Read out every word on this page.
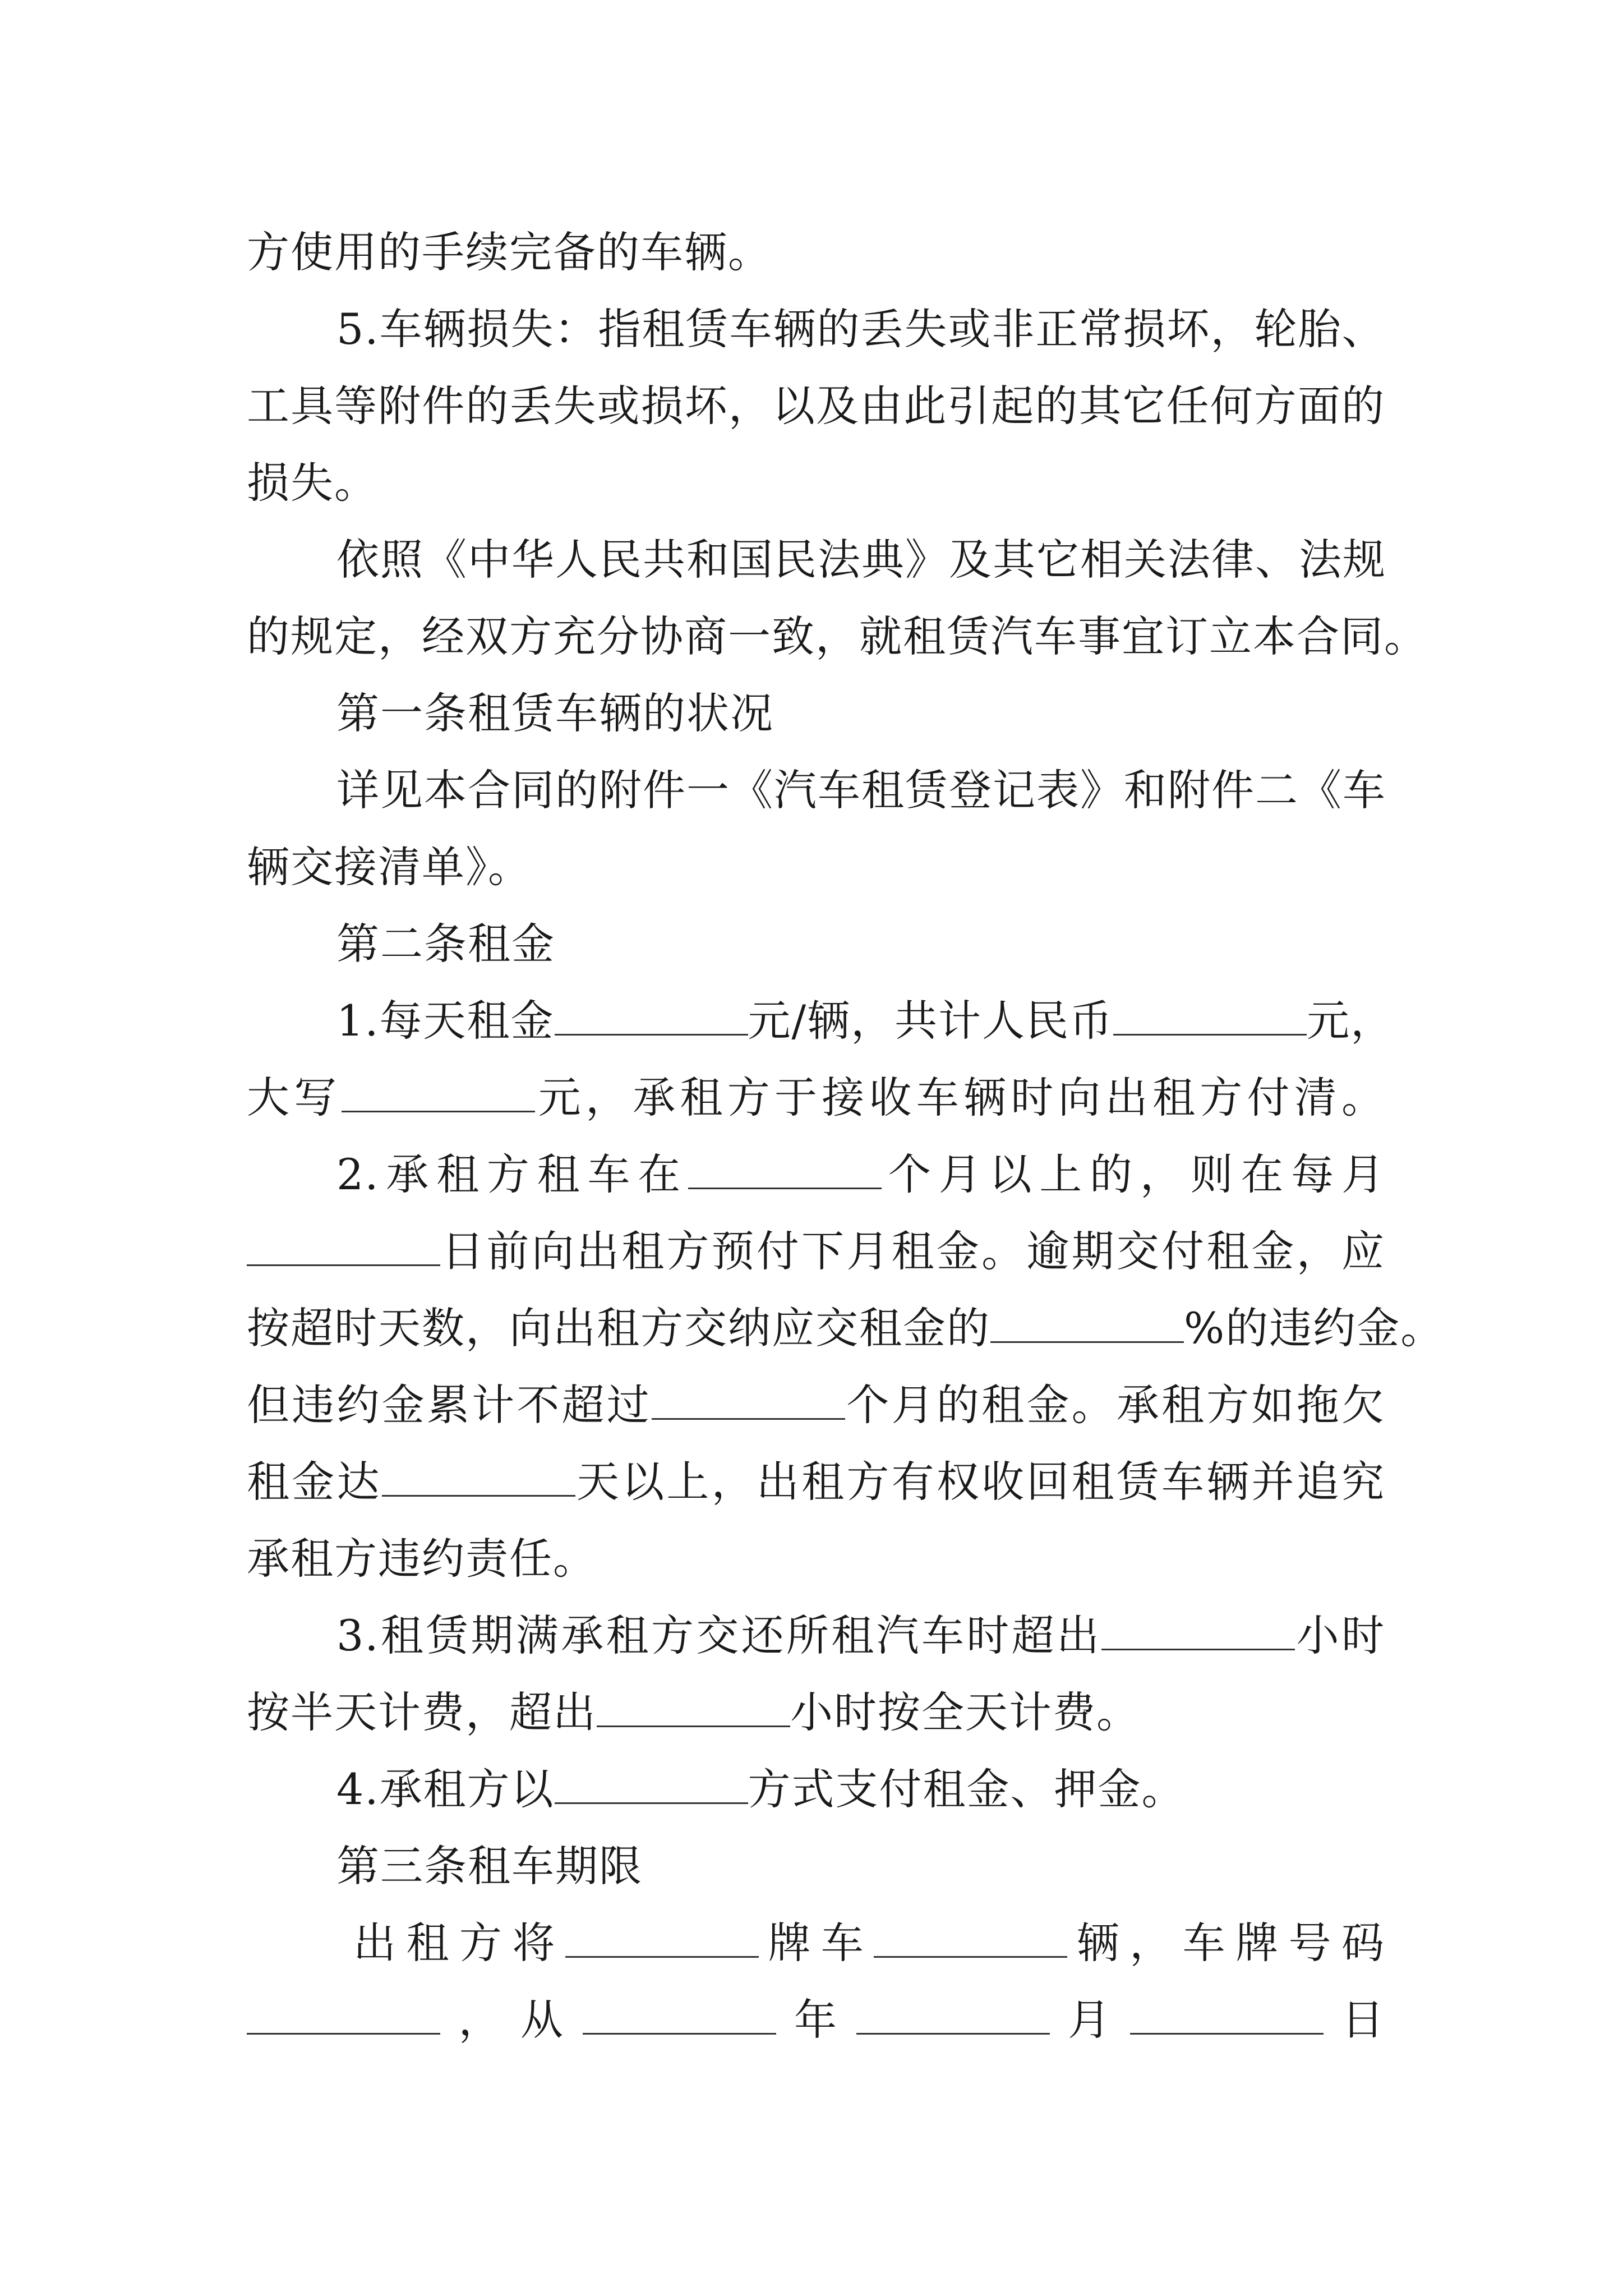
方使用的手续完备的车辆。
5.车辆损失：指租赁车辆的丢失或非正常损坏，轮胎、
工具等附件的丢失或损坏，以及由此引起的其它任何方面的
损失。
依照《中华人民共和国民法典》及其它相关法律、法规
的规定，经双方充分协商一致，就租赁汽车事宜订立本合同。
第一条租赁车辆的状况
详见本合同的附件一《汽车租赁登记表》和附件二《车
辆交接清单》。
第二条租金
1.每天租金	元/辆，共计人民币	元，
大写	元，承租方于接收车辆时向出租方付清。
2.承租方租车在	个月以上的，则在每月
日前向出租方预付下月租金。逾期交付租金，应
按超时天数，向出租方交纳应交租金的	%的违约金。
但违约金累计不超过	个月的租金。承租方如拖欠
租金达	天以上，出租方有权收回租赁车辆并追究
承租方违约责任。
3.租赁期满承租方交还所租汽车时超出	小时
按半天计费，超出	小时按全天计费。
4.承租方以	方式支付租金、押金。
第三条租车期限
出租方将	牌车	辆，车牌号码
，从	年	月	日
